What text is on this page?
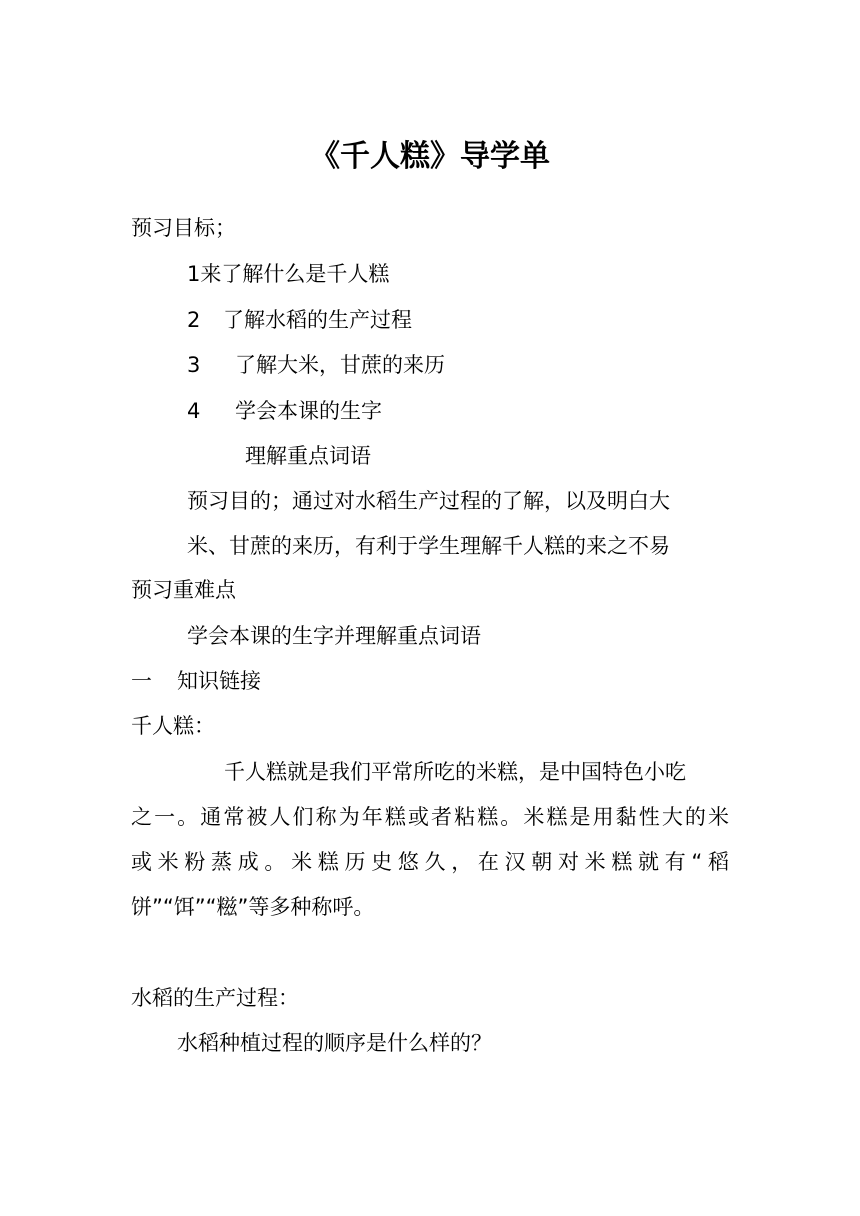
《千人糕》导学单
预习目标；
1来了解什么是千人糕
2 了解水稻的生产过程
3 了解大米，甘蔗的来历
4 学会本课的生字
理解重点词语
预习目的；通过对水稻生产过程的了解，以及明白大
米、甘蔗的来历，有利于学生理解千人糕的来之不易
预习重难点
学会本课的生字并理解重点词语
一 知识链接
千人糕：
千人糕就是我们平常所吃的米糕，是中国特色小吃
之一。通常被人们称为年糕或者粘糕。米糕是用黏性大的米
或米粉蒸成。米糕历史悠久，在汉朝对米糕就有“稻
饼”“饵”“糍”等多种称呼。
水稻的生产过程：
水稻种植过程的顺序是什么样的？
